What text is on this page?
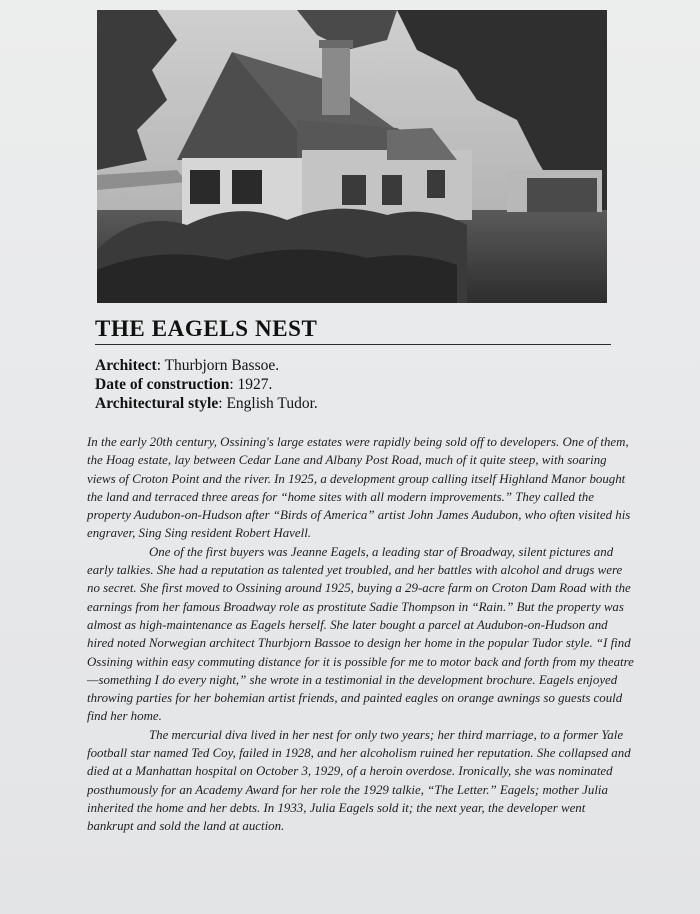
THE EAGELS NEST
Architect: Thurbjorn Bassoe.
Date of construction: 1927.
Architectural style: English Tudor.

In the early 20th century, Ossining's large estates were rapidly being sold off to developers. One of them, the Hoag estate, lay between Cedar Lane and Albany Post Road, much of it quite steep, with soaring views of Croton Point and the river. In 1925, a development group calling itself Highland Manor bought the land and terraced three areas for “home sites with all modern improvements.” They called the property Audubon-on-Hudson after “Birds of America” artist John James Audubon, who often visited his engraver, Sing Sing resident Robert Havell.

One of the first buyers was Jeanne Eagels, a leading star of Broadway, silent pictures and early talkies. She had a reputation as talented yet troubled, and her battles with alcohol and drugs were no secret. She first moved to Ossining around 1925, buying a 29-acre farm on Croton Dam Road with the earnings from her famous Broadway role as prostitute Sadie Thompson in “Rain.” But the property was almost as high-maintenance as Eagels herself. She later bought a parcel at Audubon-on-Hudson and hired noted Norwegian architect Thurbjorn Bassoe to design her home in the popular Tudor style. “I find Ossining within easy commuting distance for it is possible for me to motor back and forth from my theatre—something I do every night,” she wrote in a testimonial in the development brochure. Eagels enjoyed throwing parties for her bohemian artist friends, and painted eagles on orange awnings so guests could find her home.

The mercurial diva lived in her nest for only two years; her third marriage, to a former Yale football star named Ted Coy, failed in 1928, and her alcoholism ruined her reputation. She collapsed and died at a Manhattan hospital on October 3, 1929, of a heroin overdose. Ironically, she was nominated posthumously for an Academy Award for her role the 1929 talkie, “The Letter.” Eagels; mother Julia inherited the home and her debts. In 1933, Julia Eagels sold it; the next year, the developer went bankrupt and sold the land at auction.
